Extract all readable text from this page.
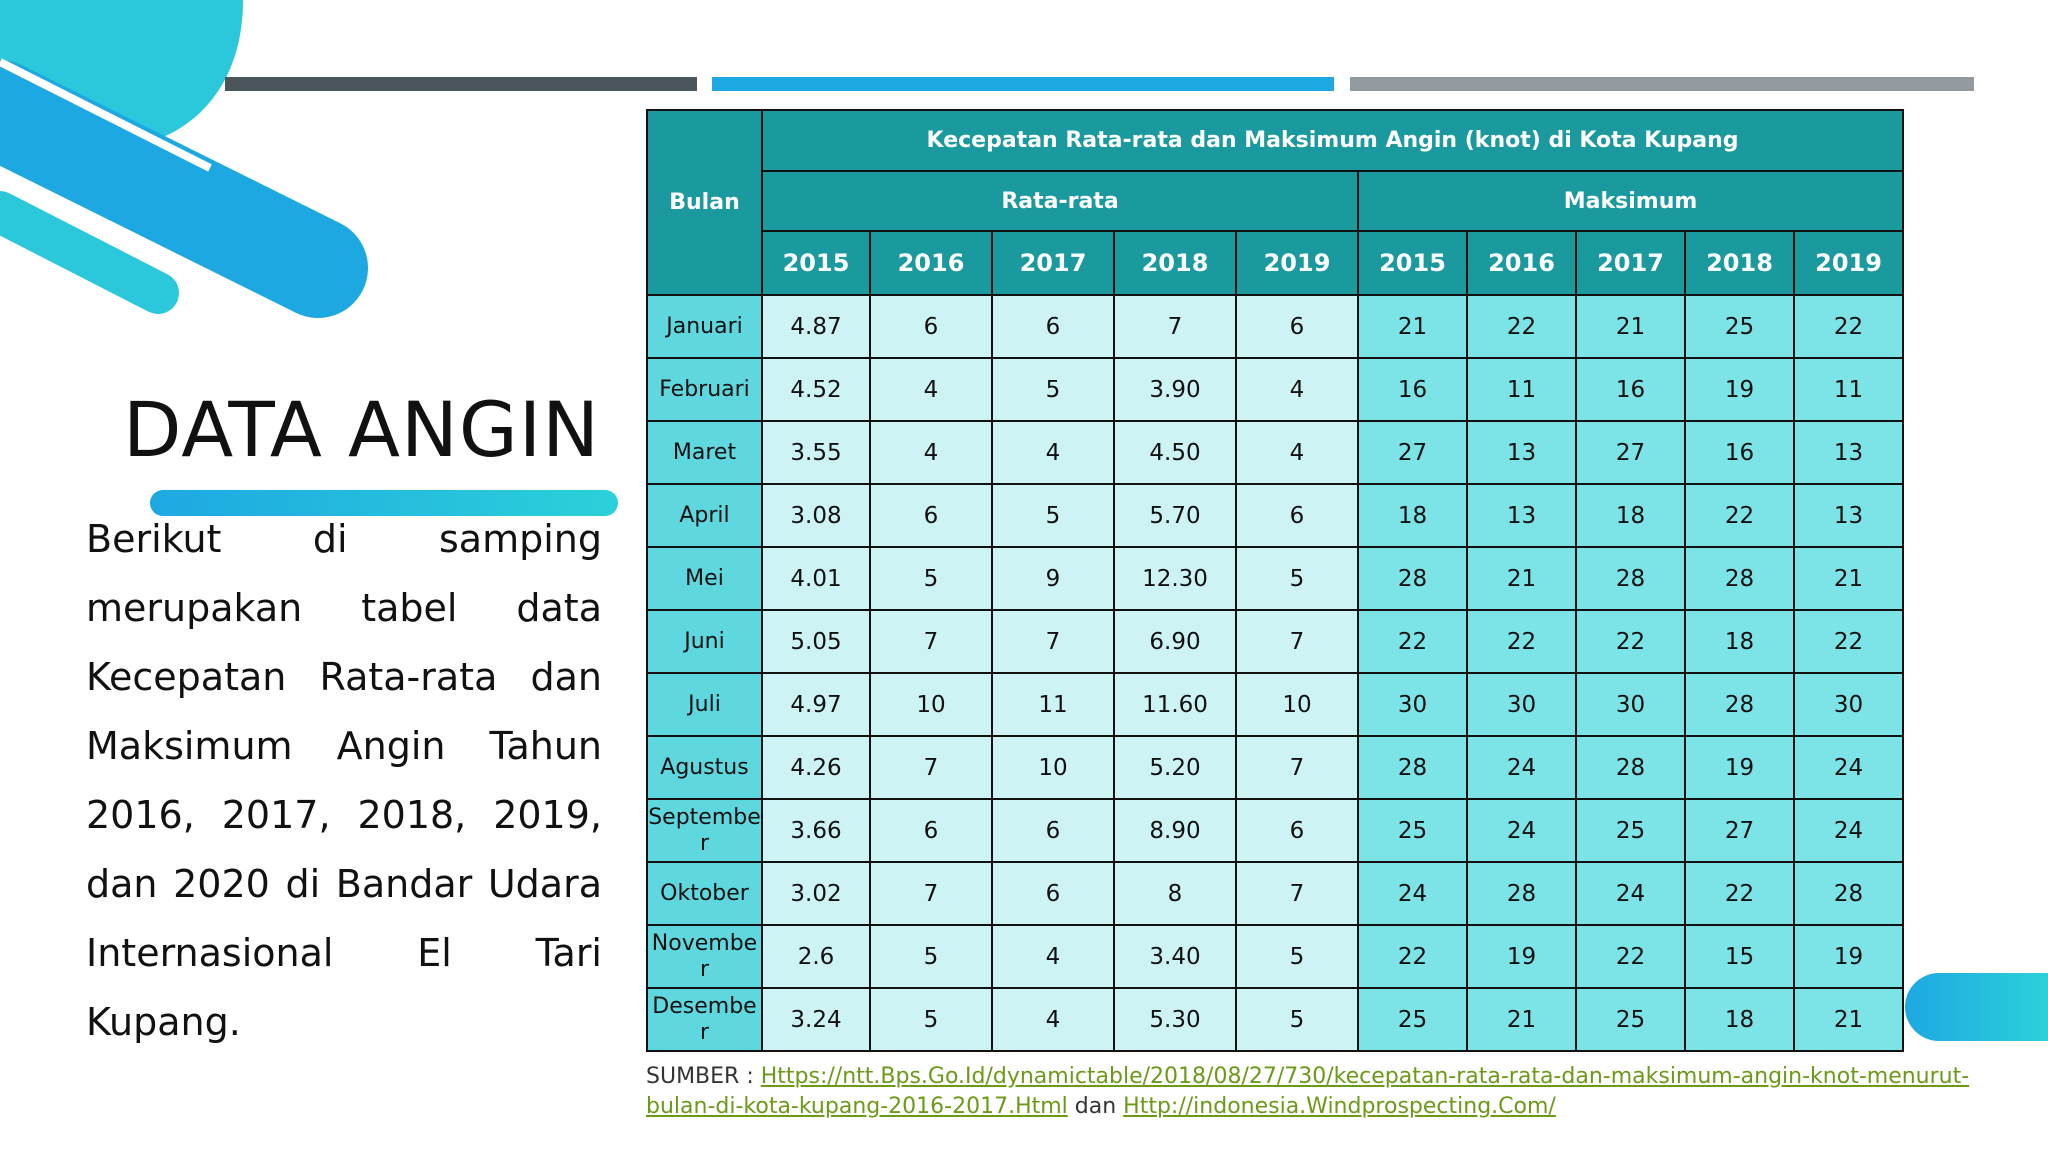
DATA ANGIN
Berikut di samping merupakan tabel data Kecepatan Rata-rata dan Maksimum Angin Tahun 2016, 2017, 2018, 2019, dan 2020 di Bandar Udara Internasional El Tari Kupang.
Bulan	Kecepatan Rata-rata dan Maksimum Angin (knot) di Kota Kupang									
	Rata-rata					Maksimum				
	2015	2016	2017	2018	2019	2015	2016	2017	2018	2019
Januari	4.87	6	6	7	6	21	22	21	25	22
Februari	4.52	4	5	3.90	4	16	11	16	19	11
Maret	3.55	4	4	4.50	4	27	13	27	16	13
April	3.08	6	5	5.70	6	18	13	18	22	13
Mei	4.01	5	9	12.30	5	28	21	28	28	21
Juni	5.05	7	7	6.90	7	22	22	22	18	22
Juli	4.97	10	11	11.60	10	30	30	30	28	30
Agustus	4.26	7	10	5.20	7	28	24	28	19	24
September	3.66	6	6	8.90	6	25	24	25	27	24
Oktober	3.02	7	6	8	7	24	28	24	22	28
November	2.6	5	4	3.40	5	22	19	22	15	19
Desember	3.24	5	4	5.30	5	25	21	25	18	21
SUMBER : Https://ntt.Bps.Go.Id/dynamictable/2018/08/27/730/kecepatan-rata-rata-dan-maksimum-angin-knot-menurut-bulan-di-kota-kupang-2016-2017.Html dan Http://indonesia.Windprospecting.Com/
